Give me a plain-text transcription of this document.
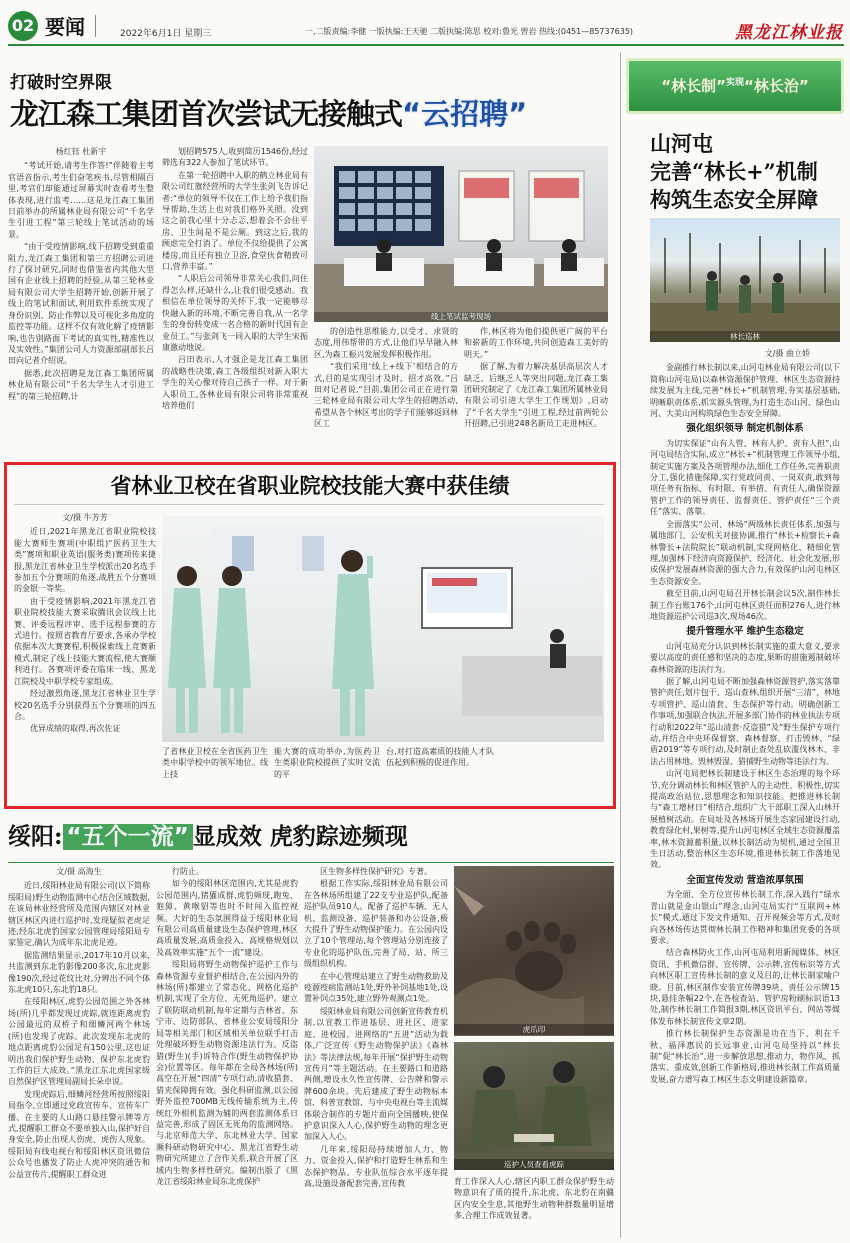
02 要闻	2022年6月1日 星期三	一,二版责编:李健 一版执编:王天驰 二版执编:陈思 校对:鲁光 曾岩 热线:(0451—85737635)	黑龙江林业报
打破时空界限
龙江森工集团首次尝试无接触式“云招聘”

杨红钰 杜新宇

“考试开始,请考生作答!”伴随着主考官语音指示,考生们奋笔疾书,尽管相隔百里,考官们却能通过屏幕实时查看考生整体表现,进行监考……这是龙江森工集团日前举办的所属林业局有限公司“千名学生引进工程”第三轮线上笔试活动的场景。

“由于受疫情影响,线下招聘受到重重阻力,龙江森工集团和第三方招聘公司进行了探讨研究,同时也借鉴省内其他大型国有企业线上招聘的经验,从第三轮林业局有限公司大学生招聘开始,创新开展了线上的笔试和面试,利用软件系统实现了身份识别、防止作弊以及可视化多角度的监控等功能。这样不仅有效化解了疫情影响,也告别路面下考试的真实性,精准性以及实效性。”集团公司人力资源部副部长吕田向记者介绍说。

据悉,此次招聘是龙江森工集团所属林业局有限公司“千名大学生人才引进工程”的第三轮招聘,计

划招聘575人,收到简历1546份,经过筛选有322人参加了笔试环节。

在第一轮招聘中入职的鹤立林业局有限公司红旗经营所的大学生张剑飞告诉记者:“单位的领导不仅在工作上给予我们指导帮助,生活上也对我们格外关照。没到这之前我心里十分忐忑,想着会不会住平房、卫生间是不是公厕。到这之后,我的顾虑完全打消了。单位不仅给提供了公寓楼房,而且还有独立卫浴,食堂伙食精致可口,营养丰富。”

“人职后公司领导非常关心我们,问住得怎么样,还缺什么,让我们很受感动。我相信在单位领导的关怀下,我一定能够尽快融入新的环境,不断完善自我,从一名学生的身份转变成一名合格的新时代国有企业员工。”与张剑飞一同入职的大学生宋振康激动地说。

吕田表示,人才强企是龙江森工集团的战略性决策,森工各级组织对新入职大学生的关心像对待自己孩子一样。对于新入职员工,各林业局有限公司将非常重视培养他们

线上笔试监考现场

的创造性思维能力,以受才、求贤的态度,用伟帮带的方式,让他们早早融入林区,为森工振兴发展发挥积极作用。

“我们采用‘线上+线下’相结合的方式,目的是实现引才及时、招才高效。”吕田对记者说,“目前,集团公司正在进行第三轮林业局有限公司大学生的招聘活动,希望从各个林区考出的学子们能够返回林区工

作,林区将为他们提供更广阔的平台和崭新的工作环境,共同创造森工美好的明天。”

据了解,为着力解决基层高层次人才缺乏、后继乏人等突出问题,龙江森工集团研究制定了《龙江森工集团所属林业局有限公司引进大学生工作规划》,启动了“千名大学生”引进工程,经过前两轮公开招聘,已引进248名新员工走进林区。

省林业卫校在省职业院校技能大赛中获佳绩

文/摄 牛芳芳

近日,2021年黑龙江省职业院校技能大赛师生赛项(中职组)“医药卫生大类”赛项和职业英语(服务类)赛项传来捷报,黑龙江省林业卫生学校派出20名选手参加五个分赛项的角逐,战胜五个分赛项的金银一等奖。

由于受疫情影响,2021年黑龙江省职业院校技能大赛采取腾讯会议线上比赛、评委远程评审、选手远程参赛的方式进行。按照省教育厅要求,各承办学校依据本次大赛赛程,积极探索线上竞赛新模式,制定了线上技能大赛流程,使大赛顺利进行。各赛项评委在临床一线、黑龙江院校及中职学校专家组成。

经过激烈角逐,黑龙江省林业卫生学校20名选手分别获得五个分赛项的四五合。

优异成绩的取得,再次佐证

了省林业卫校在全省医药卫生类中职学校中的领军地位。线上技

能大赛的成功举办,为医药卫生类职业院校提供了实时交流的平

台,对打造高素质的技能人才队伍起到积极的促进作用。

绥阳: “五个一流” 显成效 虎豹踪迹频现

文/摄 高海生

近日,绥阳林业局有限公司(以下简称绥阳局)野生动物监测中心结合区域数据,在该局林业经营所及范围内辖区对林业辖区林区内进行巡护时,发现疑似老虎足迹,经东北虎豹国家公园管理局绥阳局专家鉴定,确认为成年东北虎足迹。

据监测结果显示,2017年10月以来,共监测到东北豹影像200多次,东北虎影像190次,经过花纹比对,分辨出不同个体东北虎10只,东北豹18只。

在绥阳林区,虎豹公园范围之外各林场(所)几乎都发现过虎踪,就连距离虎豹公园最远的双桥子和细鳞河两个林场(所)也发现了虎踪。此次发现东北虎的地点距离虎豹公园足有150公里,这也证明出我们保护野生动物、保护东北虎豹工作的巨大成效。”黑龙江东北虎国家级自然保护区管理局副局长朵卓说。

发现虎踪后,细鳞河经营所按照绥阳局指令,立即通过党政宣传车、宣传车广播、在主要的人山路口悬挂警示牌等方式,提醒职工群众不要单独入山,保护好自身安全,防止出现人伤虎、虎伤人现象。绥阳局有线电视台和绥阳林区资讯微信公众号也播发了防止人虎冲突的通告和公益宣传片,提醒职工群众进

行防止。

如今的绥阳林区范围内,尤其是虎豹公园范围内,猪獾成群,虎豹频现,跑兔、狍獐、黄喉貂等也时不时闯入监控视频。大好的生态氛围得益于绥阳林业局有限公司高质量建设生态保护管理,林区高质量发展,高质金投入、高规格规划以及高效率实施“五个一流”建设。

绥阳局将野生动物保护巡护工作与森林资源专业督护相结合,在公园内外的林场(所)都建立了常态化、网格化巡护机制,实现了全方位、无死角巡护。建立了联防联动机制,每年定期与吉林省、东宁市、边防部队、省林业公安局绥阳分局等相关部门和区域相关单位联手打击处理破坏野生动物资源违法行为。反盗猎(野生)(手)诉特合作(野生动物保护协会)位置等区。每年都在全局各林场(所)高空在开展“四清”专项行动,清收猎套、猎夹保障拥有效。强化科研监测,以公园野外监控700MB无线传输系统为主,传统红外相机监测为辅的两套监测体系日益完善,形成了固区无死角的监测网络。与北京师范大学、东北林业大学、国家濒科研动物研究中心、黑龙江省野生动物研究所建立了合作关系,联合开展了区域内生物多样性研究。编制出版了《黑龙江省绥阳林业局东北虎保护

区生物多样性保护研究》专著。

根据工作实际,绥阳林业局有限公司在各林场所组建了22支专业巡护队,配备巡护队员910人。配备了巡护车辆、无人机、监测设备、巡护装备和办公设备,极大提升了野生动物保护能力。在公园内设立了10个管理站,每个管理站分别连接了专业化的巡护队伍,完善了局、站、所三级组织机构。

在中心管理站建立了野生动物救助及疫源疫病监测站1处,野外补饲基地1处,设置补饲点35处,建立野外观测点1处。

绥阳林业局有限公司创新宣传教育机制,以宣教工作进基层、进社区、进家庭、进校园、进网络的“五进”活动为载体,广泛宣传《野生动物保护法》《森林法》等法律法规,每年开展“保护野生动物宣传月”等主题活动。在主要路口和道路两侧,增设永久性宣传牌、公告牌和警示牌600余块。先后建成了野生动物标本馆、科普宣教馆、与中央电视台等主流媒体联合制作的专题片面向全国播映,使保护意识深入人心,保护野生动物的理念更加深入人心。

几年来,绥阳局持续增加人力、物力、资金投入,保护和打造野生林系和生态保护物品、专业队伍综合水平逐年提高,设施设备配套完善,宣传教

虎爪印
巡护人员查看虎踪

育工作深入人心,辖区内职工群众保护野生动物意识有了质的提升,东北虎、东北豹在南疆区内安全生息,其他野生动物种群数量明显增多,合理工作成效显著。

“林长制”$^{实现}$“林长治”
山河屯
完善“林长+”机制
构筑生态安全屏障
林长巡林

文/摄 曲立娇

金副推行林长制以来,山河屯林业局有限公司(以下简称山河屯局)以森林资源保护管理、林区生态资源持续发展为主线,完善“林长+”机制管理,夯实基层基础,明晰职责体系,抓实源头管理,为打造生态山河、绿色山河、大美山河构筑绿色生态安全屏障。

强化组织领导 制定机制体系

为切实保证“山有人管、林有人护、责有人担”,山河屯局结合实际,成立“林长+”机制管理工作领导小组,制定实施方案及各项管理办法,细化工作任务,完善职责分工,强化措施保障,实行党政同责、一岗双责,敢到每项任务有指标、有时限、有举措、有责任人,确保资源管护工作的领导责任、监督责任、管护责任“三个责任”落实、落靠。

全面落实“公司、林场”两级林长责任体系,加强与属地部门、公安机关对接协调,推行“林长+检察长+森林警长+法院院长”联动机制,实现网格化、精细化管理,加强林下经济向资源保护、经济化、社会化发展,形成保护发展森林资源的强大合力,有效保护山河屯林区生态资源安全。

截至目前,山河屯局召开林长制会议5次,制作林长制工作台账176个,山河屯林区责任面积276人,进行林地资源巡护公司巡3次,现场46次。

提升管理水平 维护生态稳定

山河屯局充分认识到林长制实施的重大意义,要求要以高度的责任感和坚决的态度,果断的措施遏制破坏森林资源的违法行为。

据了解,山河屯局不断加强森林资源管护,落实落靠管护责任,划片包干、巡山查林,组织开展“三清”、林地专项管护、巡山清套、生态保护等行动。明确创新工作事项,加强联合执法,开展多部门协作的林业执法专项行动和2022年“巡山清套·反盗猎”及“野生保护专项行动,并结合中央环保督察、森林督察、打击毁林、“绿盾2019”等专项行动,及时制止查处乱砍滥伐林木、非法占用林地、毁林毁湿、猎捕野生动物等违法行为。

山河屯局把林长制建设于林区生态治理的每个环节,充分调动林长和林区管护人的主动性、积极性,切实提高政治站位,思想理念和知识技能。把推进林长制与“森工增材日”相结合,组织广大干部职工深入山林开展植树活动。在局址及各林场开展生态家园建设行动,教育绿化村,果树等,提升山河屯林区全域生态资源覆盖率,林木资源蓄积量,以林长制活动为契机,通过全国卫生日活动,整治林区生态环境,推进林长制工作落地见效。

全面宣传发动 营造浓厚氛围

为全面、全方位宣传林长制工作,深入践行“绿水青山就是金山银山”理念,山河屯局实行“互联网+林长”模式,通过下发文件通知、召开视频会等方式,及时向各林场传达贯彻林长制工作精神和集团党委的各项要求。

结合森林防火工作,山河屯局利用新闻媒体、林区资讯、手机微信群、宣传牌、公示牌,宣传标识等方式向林区职工宣传林长制的意义及目的,让林长制家喻户晓。目前,林区制作安装宣传牌39块、责任公示牌15块,悬挂条幅22个,在各检查站、管护房粉刷标识语13处,制作林长制工作简报3期,林区资讯平台、网站等媒体发布林长制宣传文章2期。

推行林长制保护生态资源是功在当下、利在千秋、福泽惠民的长远事业,山河屯局坚持以“林长制”促“林长治”,进一步解放思想,推动力、物作风、抓落实、重成效,创新工作新格局,推进林长制工作高质量发展,奋力谱写森工林区生态文明建设新篇章。
